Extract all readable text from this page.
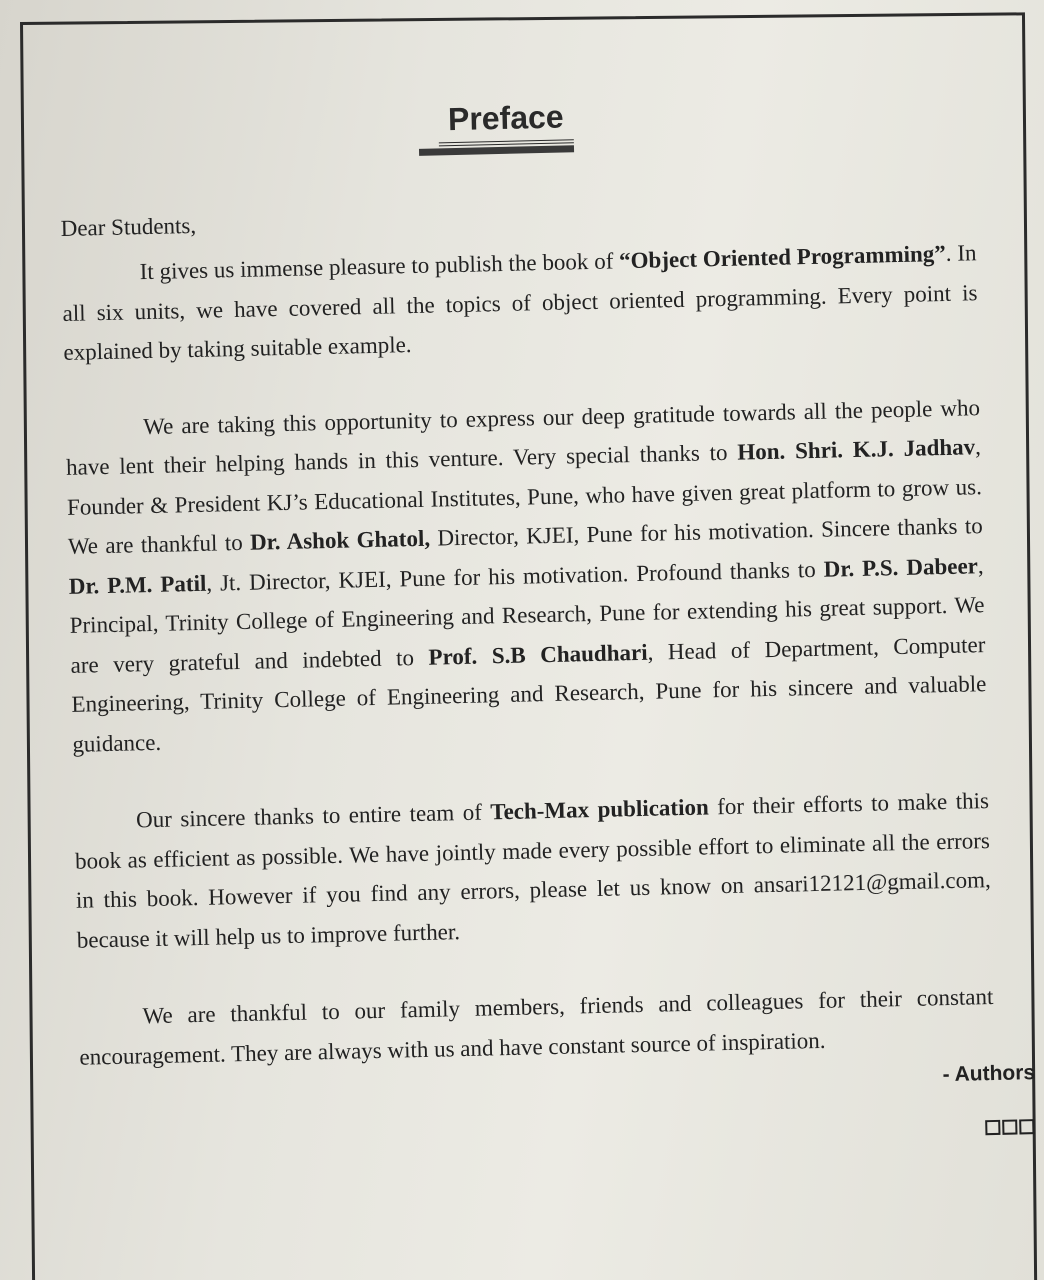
Preface
Dear Students,

It gives us immense pleasure to publish the book of “Object Oriented Programming”. In all six units, we have covered all the topics of object oriented programming. Every point is explained by taking suitable example.

We are taking this opportunity to express our deep gratitude towards all the people who have lent their helping hands in this venture. Very special thanks to Hon. Shri. K.J. Jadhav, Founder & President KJ’s Educational Institutes, Pune, who have given great platform to grow us. We are thankful to Dr. Ashok Ghatol, Director, KJEI, Pune for his motivation. Sincere thanks to Dr. P.M. Patil, Jt. Director, KJEI, Pune for his motivation. Profound thanks to Dr. P.S. Dabeer, Principal, Trinity College of Engineering and Research, Pune for extending his great support. We are very grateful and indebted to Prof. S.B Chaudhari, Head of Department, Computer Engineering, Trinity College of Engineering and Research, Pune for his sincere and valuable guidance.

Our sincere thanks to entire team of Tech-Max publication for their efforts to make this book as efficient as possible. We have jointly made every possible effort to eliminate all the errors in this book. However if you find any errors, please let us know on ansari12121@gmail.com, because it will help us to improve further.

We are thankful to our family members, friends and colleagues for their constant encouragement. They are always with us and have constant source of inspiration.

- Authors
